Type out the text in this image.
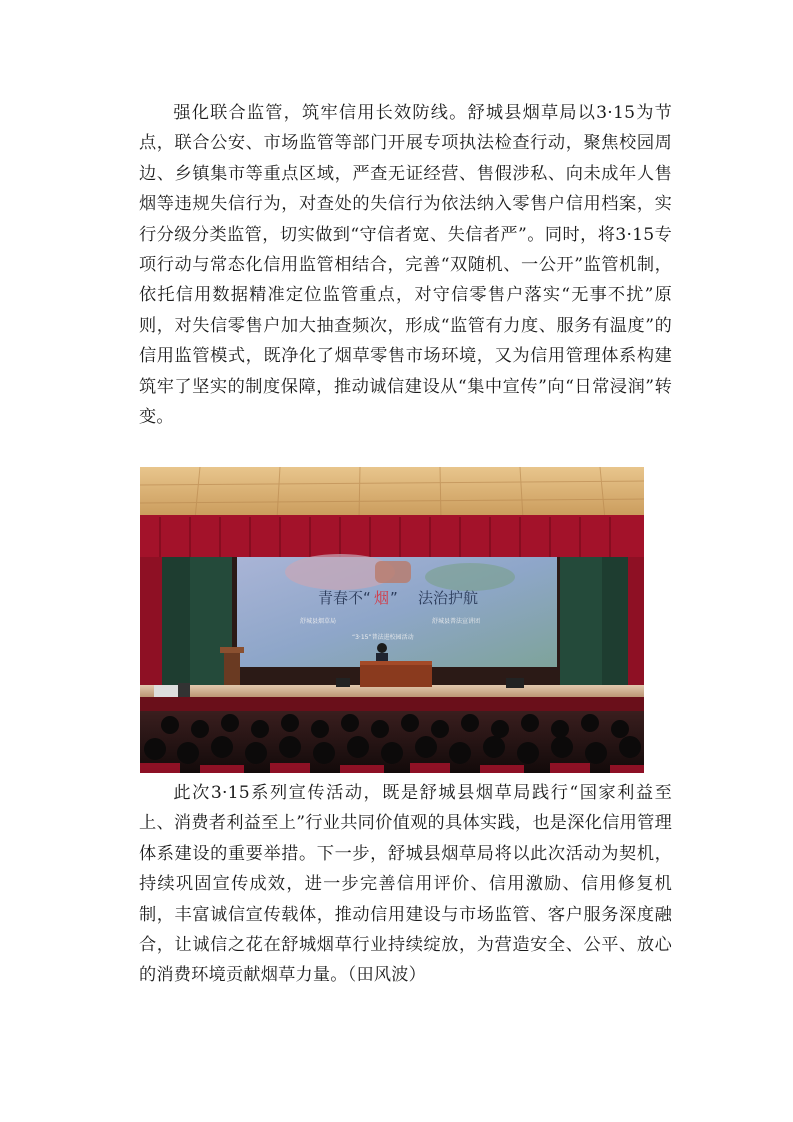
强化联合监管，筑牢信用长效防线。舒城县烟草局以3·15为节点，联合公安、市场监管等部门开展专项执法检查行动，聚焦校园周边、乡镇集市等重点区域，严查无证经营、售假涉私、向未成年人售烟等违规失信行为，对查处的失信行为依法纳入零售户信用档案，实行分级分类监管，切实做到“守信者宽、失信者严”。同时，将3·15专项行动与常态化信用监管相结合，完善“双随机、一公开”监管机制，依托信用数据精准定位监管重点，对守信零售户落实“无事不扰”原则，对失信零售户加大抽查频次，形成“监管有力度、服务有温度”的信用监管模式，既净化了烟草零售市场环境，又为信用管理体系构建筑牢了坚实的制度保障，推动诚信建设从“集中宣传”向“日常浸润”转变。

青春不“ 烟 ” 法治护航
舒城县烟草局	舒城县普法宣讲团
“3·15”普法进校园活动

此次3·15系列宣传活动，既是舒城县烟草局践行“国家利益至上、消费者利益至上”行业共同价值观的具体实践，也是深化信用管理体系建设的重要举措。下一步，舒城县烟草局将以此次活动为契机，持续巩固宣传成效，进一步完善信用评价、信用激励、信用修复机制，丰富诚信宣传载体，推动信用建设与市场监管、客户服务深度融合，让诚信之花在舒城烟草行业持续绽放，为营造安全、公平、放心的消费环境贡献烟草力量。（田风波）
